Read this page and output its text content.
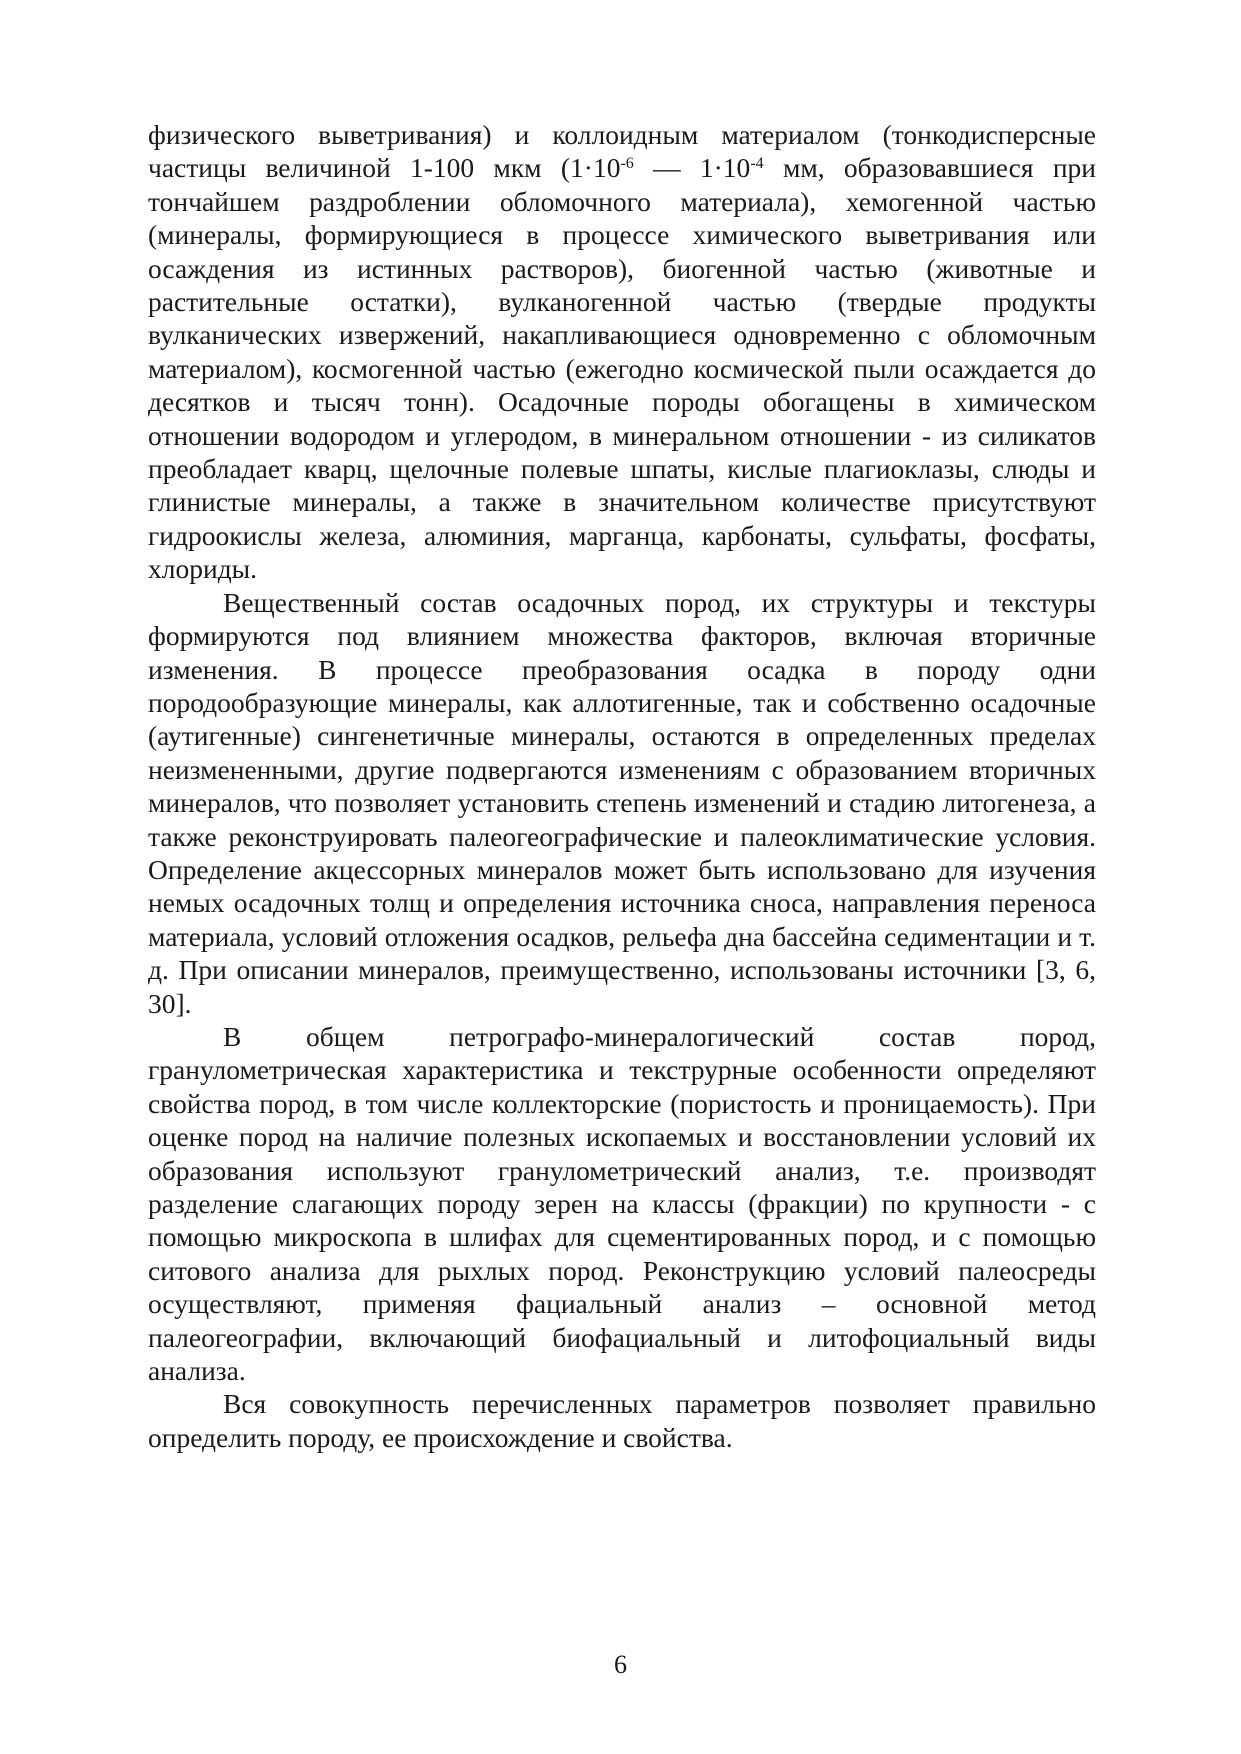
физического выветривания) и коллоидным материалом (тонкодисперсные частицы величиной 1-100 мкм ($1\cdot 10^{-6}$ — $1\cdot 10^{-4}$ мм, образовавшиеся при тончайшем раздроблении обломочного материала), хемогенной частью (минералы, формирующиеся в процессе химического выветривания или осаждения из истинных растворов), биогенной частью (животные и растительные остатки), вулканогенной частью (твердые продукты вулканических извержений, накапливающиеся одновременно с обломочным материалом), космогенной частью (ежегодно космической пыли осаждается до десятков и тысяч тонн). Осадочные породы обогащены в химическом отношении водородом и углеродом, в минеральном отношении - из силикатов преобладает кварц, щелочные полевые шпаты, кислые плагиоклазы, слюды и глинистые минералы, а также в значительном количестве присутствуют гидроокислы железа, алюминия, марганца, карбонаты, сульфаты, фосфаты, хлориды.

Вещественный состав осадочных пород, их структуры и текстуры формируются под влиянием множества факторов, включая вторичные изменения. В процессе преобразования осадка в породу одни породообразующие минералы, как аллотигенные, так и собственно осадочные (аутигенные) сингенетичные минералы, остаются в определенных пределах неизмененными, другие подвергаются изменениям с образованием вторичных минералов, что позволяет установить степень изменений и стадию литогенеза, а также реконструировать палеогеографические и палеоклиматические условия. Определение акцессорных минералов может быть использовано для изучения немых осадочных толщ и определения источника сноса, направления переноса материала, условий отложения осадков, рельефа дна бассейна седиментации и т. д. При описании минералов, преимущественно, использованы источники [3, 6, 30].

В общем петрографо-минералогический состав пород, гранулометрическая характеристика и текструрные особенности определяют свойства пород, в том числе коллекторские (пористость и проницаемость). При оценке пород на наличие полезных ископаемых и восстановлении условий их образования используют гранулометрический анализ, т.е. производят разделение слагающих породу зерен на классы (фракции) по крупности - с помощью микроскопа в шлифах для сцементированных пород, и с помощью ситового анализа для рыхлых пород. Реконструкцию условий палеосреды осуществляют, применяя фациальный анализ – основной метод палеогеографии, включающий биофациальный и литофоциальный виды анализа.

Вся совокупность перечисленных параметров позволяет правильно определить породу, ее происхождение и свойства.

6
